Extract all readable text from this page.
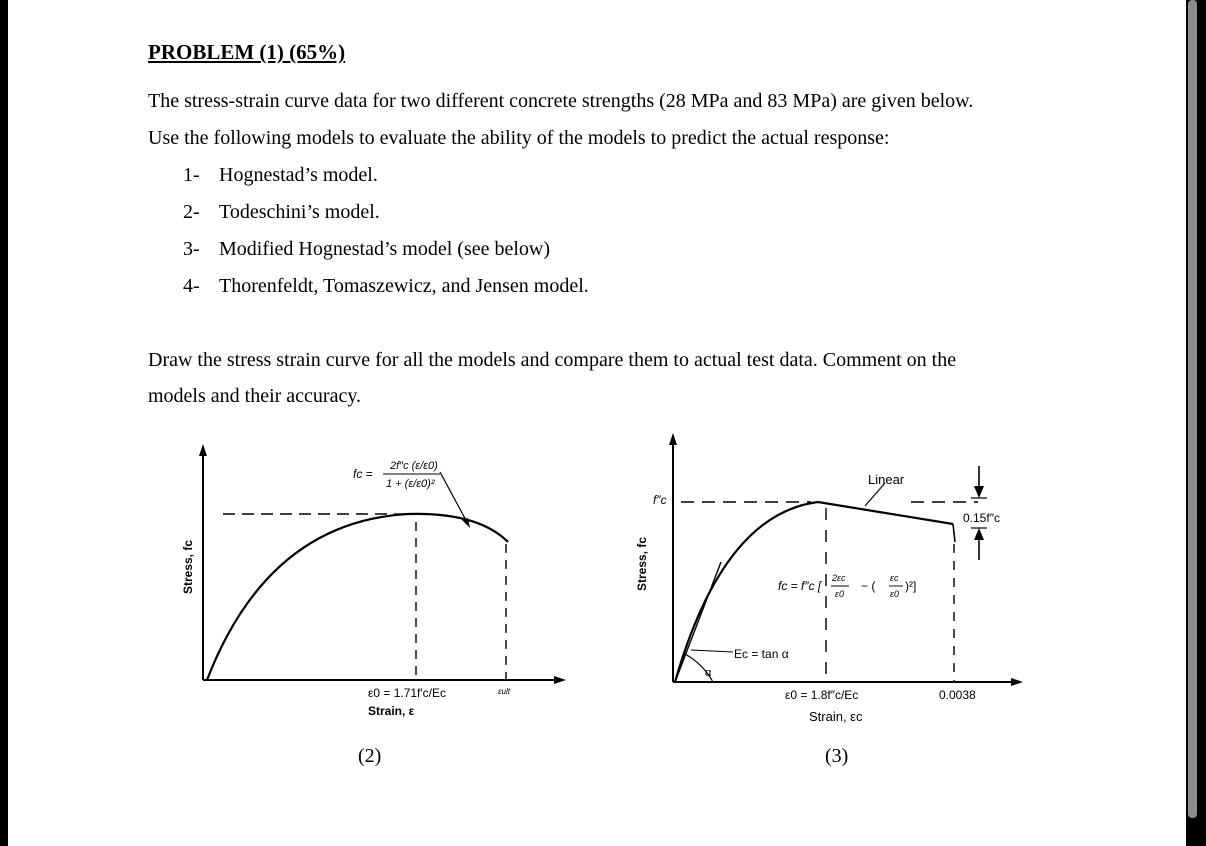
PROBLEM (1) (65%)
The stress-strain curve data for two different concrete strengths (28 MPa and 83 MPa) are given below.
Use the following models to evaluate the ability of the models to predict the actual response:
1- Hognestad’s model.
2- Todeschini’s model.
3- Modified Hognestad’s model (see below)
4- Thorenfeldt, Tomaszewicz, and Jensen model.
Draw the stress strain curve for all the models and compare them to actual test data. Comment on the
models and their accuracy.
fc =
2f″c (ε/ε0)
1 + (ε/ε0)²
Stress, fc
ε0 = 1.71f′c/Ec	εult
Strain, ε
(2)
f″c
Linear
0.15f″c
Stress, fc	fc = f″c [
2εc
ε0
− (
εc
ε0
)²]
Ec = tan α
α
ε0 = 1.8f″c/Ec	0.0038
Strain, εc
(3)
